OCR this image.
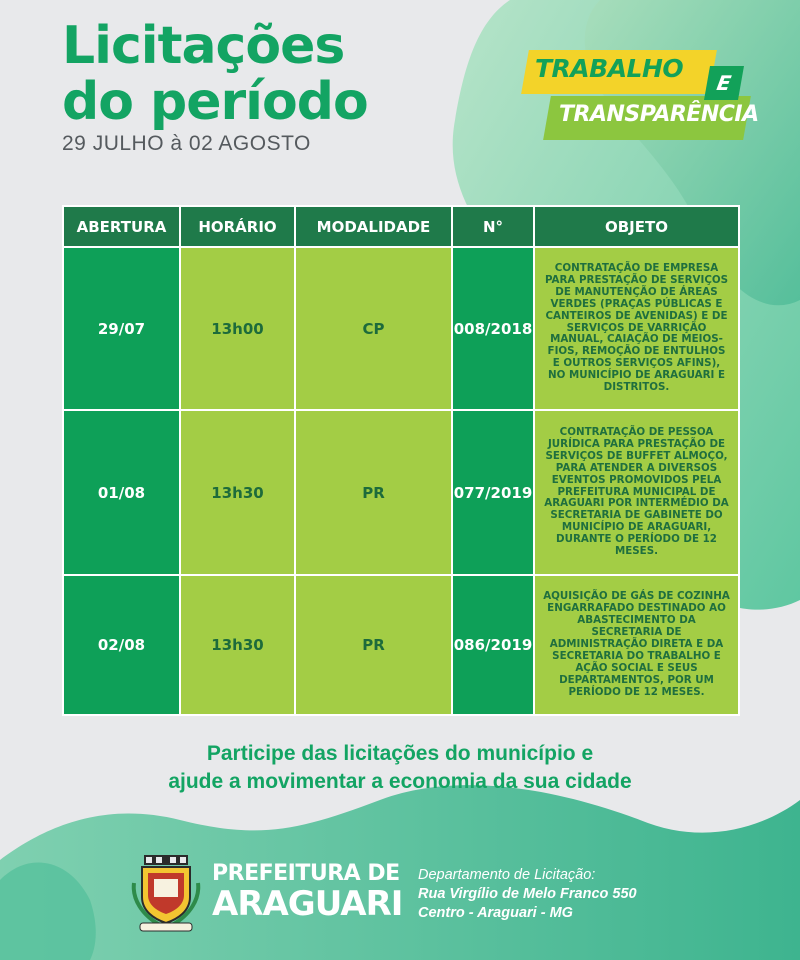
Licitações
do período
29 JULHO à 02 AGOSTO
TRABALHO	E
TRANSPARÊNCIA
ABERTURA	HORÁRIO	MODALIDADE	N°	OBJETO
29/07	13h00	CP	008/2018	CONTRATAÇÃO DE EMPRESA PARA PRESTAÇÃO DE SERVIÇOS DE MANUTENÇÃO DE ÁREAS VERDES (PRAÇAS PÚBLICAS E CANTEIROS DE AVENIDAS) E DE SERVIÇOS DE VARRIÇÃO MANUAL, CAIAÇÃO DE MEIOS-FIOS, REMOÇÃO DE ENTULHOS E OUTROS SERVIÇOS AFINS), NO MUNICÍPIO DE ARAGUARI E DISTRITOS.
01/08	13h30	PR	077/2019	CONTRATAÇÃO DE PESSOA JURÍDICA PARA PRESTAÇÃO DE SERVIÇOS DE BUFFET ALMOÇO, PARA ATENDER A DIVERSOS EVENTOS PROMOVIDOS PELA PREFEITURA MUNICIPAL DE ARAGUARI POR INTERMÉDIO DA SECRETARIA DE GABINETE DO MUNICÍPIO DE ARAGUARI, DURANTE O PERÍODO DE 12 MESES.
02/08	13h30	PR	086/2019	AQUISIÇÃO DE GÁS DE COZINHA ENGARRAFADO DESTINADO AO ABASTECIMENTO DA SECRETARIA DE ADMINISTRAÇÃO DIRETA E DA SECRETARIA DO TRABALHO E AÇÃO SOCIAL E SEUS DEPARTAMENTOS, POR UM PERÍODO DE 12 MESES.
Participe das licitações do município e
ajude a movimentar a economia da sua cidade
PREFEITURA DE
ARAGUARI
Departamento de Licitação:
Rua Virgílio de Melo Franco 550
Centro - Araguari - MG
